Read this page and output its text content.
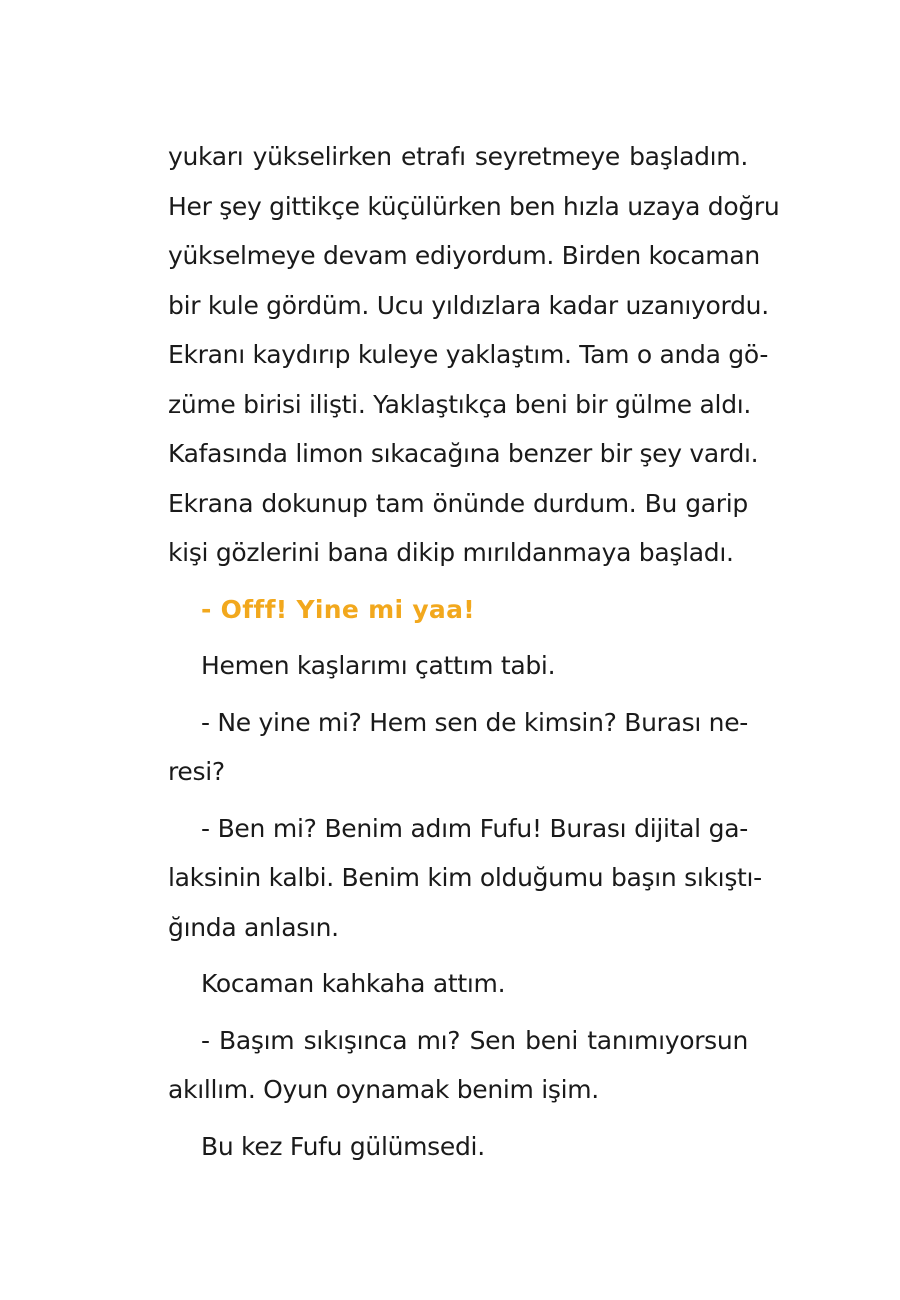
yukarı yükselirken etrafı seyretmeye başladım.
Her şey gittikçe küçülürken ben hızla uzaya doğru
yükselmeye devam ediyordum. Birden kocaman
bir kule gördüm. Ucu yıldızlara kadar uzanıyordu.
Ekranı kaydırıp kuleye yaklaştım. Tam o anda gö-
züme birisi ilişti. Yaklaştıkça beni bir gülme aldı.
Kafasında limon sıkacağına benzer bir şey vardı.
Ekrana dokunup tam önünde durdum. Bu garip
kişi gözlerini bana dikip mırıldanmaya başladı.
- Offf! Yine mi yaa!
Hemen kaşlarımı çattım tabi.
- Ne yine mi? Hem sen de kimsin? Burası ne-
resi?
- Ben mi? Benim adım Fufu! Burası dijital ga-
laksinin kalbi. Benim kim olduğumu başın sıkıştı-
ğında anlasın.
Kocaman kahkaha attım.
- Başım sıkışınca mı? Sen beni tanımıyorsun
akıllım. Oyun oynamak benim işim.
Bu kez Fufu gülümsedi.
